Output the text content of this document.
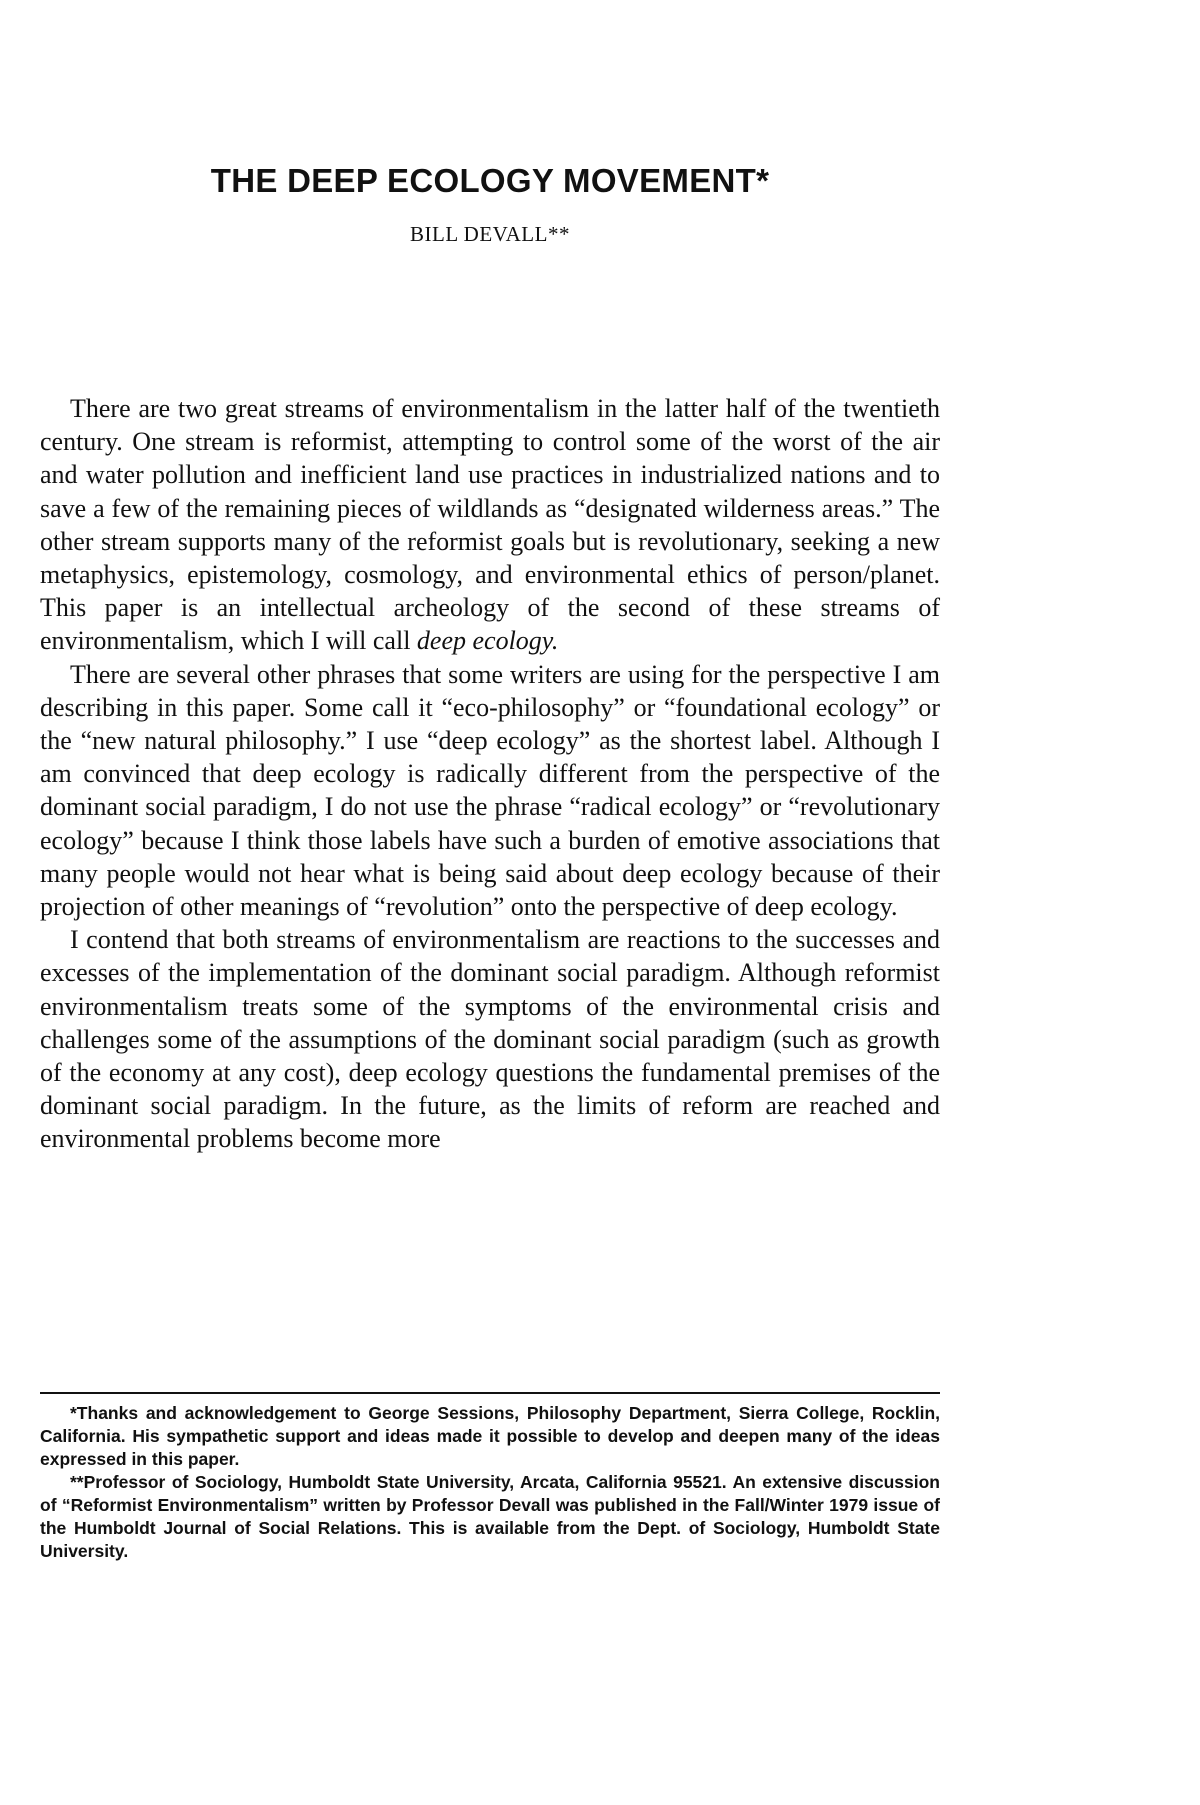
THE DEEP ECOLOGY MOVEMENT*
BILL DEVALL**

There are two great streams of environmentalism in the latter half of the twentieth century. One stream is reformist, attempting to control some of the worst of the air and water pollution and inefficient land use practices in industrialized nations and to save a few of the remaining pieces of wildlands as “designated wilderness areas.” The other stream supports many of the reformist goals but is revolutionary, seeking a new metaphysics, epistemology, cosmology, and environmental ethics of person/planet. This paper is an intellectual archeology of the second of these streams of environmentalism, which I will call deep ecology.

There are several other phrases that some writers are using for the perspective I am describing in this paper. Some call it “eco-philosophy” or “foundational ecology” or the “new natural philosophy.” I use “deep ecology” as the shortest label. Although I am convinced that deep ecology is radically different from the perspective of the dominant social paradigm, I do not use the phrase “radical ecology” or “revolutionary ecology” because I think those labels have such a burden of emotive associations that many people would not hear what is being said about deep ecology because of their projection of other meanings of “revolution” onto the perspective of deep ecology.

I contend that both streams of environmentalism are reactions to the successes and excesses of the implementation of the dominant social paradigm. Although reformist environmentalism treats some of the symptoms of the environmental crisis and challenges some of the assumptions of the dominant social paradigm (such as growth of the economy at any cost), deep ecology questions the fundamental premises of the dominant social paradigm. In the future, as the limits of reform are reached and environmental problems become more

*Thanks and acknowledgement to George Sessions, Philosophy Department, Sierra College, Rocklin, California. His sympathetic support and ideas made it possible to develop and deepen many of the ideas expressed in this paper.

**Professor of Sociology, Humboldt State University, Arcata, California 95521. An extensive discussion of “Reformist Environmentalism” written by Professor Devall was published in the Fall/Winter 1979 issue of the Humboldt Journal of Social Relations. This is available from the Dept. of Sociology, Humboldt State University.
